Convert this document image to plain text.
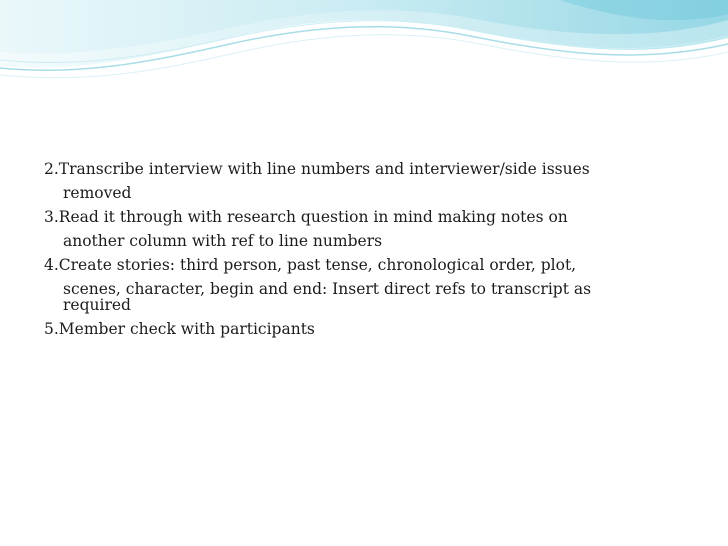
2.Transcribe interview with line numbers and interviewer/side issues
removed

3.Read it through with research question in mind making notes on
another column with ref to line numbers

4.Create stories: third person, past tense, chronological order, plot,
scenes, character, begin and end: Insert direct refs to transcript as
required

5.Member check with participants
